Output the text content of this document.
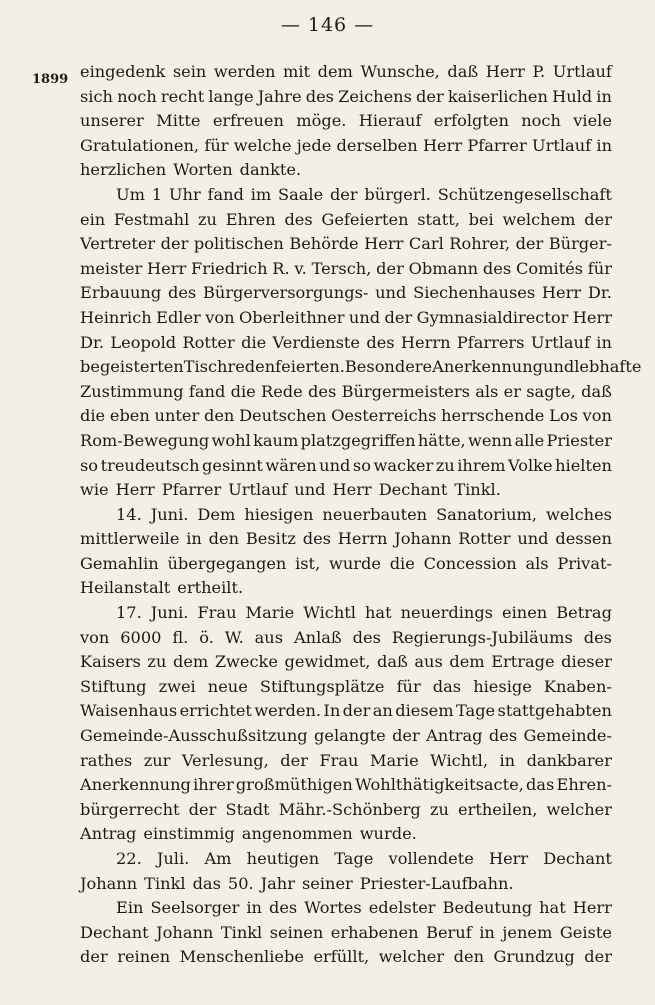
— 146 —
1899 eingedenk sein werden mit dem Wunsche, daß Herr P. Urtlauf
sich noch recht lange Jahre des Zeichens der kaiserlichen Huld in
unserer Mitte erfreuen möge. Hierauf erfolgten noch viele
Gratulationen, für welche jede derselben Herr Pfarrer Urtlauf in
herzlichen Worten dankte.
Um 1 Uhr fand im Saale der bürgerl. Schützengesellschaft
ein Festmahl zu Ehren des Gefeierten statt, bei welchem der
Vertreter der politischen Behörde Herr Carl Rohrer, der Bürger-
meister Herr Friedrich R. v. Tersch, der Obmann des Comités für
Erbauung des Bürgerversorgungs- und Siechenhauses Herr Dr.
Heinrich Edler von Oberleithner und der Gymnasialdirector Herr
Dr. Leopold Rotter die Verdienste des Herrn Pfarrers Urtlauf in
begeisterten Tischreden feierten. Besondere Anerkennung und lebhafte
Zustimmung fand die Rede des Bürgermeisters als er sagte, daß
die eben unter den Deutschen Oesterreichs herrschende Los von
Rom-Bewegung wohl kaum platzgegriffen hätte, wenn alle Priester
so treudeutsch gesinnt wären und so wacker zu ihrem Volke hielten
wie Herr Pfarrer Urtlauf und Herr Dechant Tinkl.
14. Juni. Dem hiesigen neuerbauten Sanatorium, welches
mittlerweile in den Besitz des Herrn Johann Rotter und dessen
Gemahlin übergegangen ist, wurde die Concession als Privat-
Heilanstalt ertheilt.
17. Juni. Frau Marie Wichtl hat neuerdings einen Betrag
von 6000 fl. ö. W. aus Anlaß des Regierungs-Jubiläums des
Kaisers zu dem Zwecke gewidmet, daß aus dem Ertrage dieser
Stiftung zwei neue Stiftungsplätze für das hiesige Knaben-
Waisenhaus errichtet werden. In der an diesem Tage stattgehabten
Gemeinde-Ausschußsitzung gelangte der Antrag des Gemeinde-
rathes zur Verlesung, der Frau Marie Wichtl, in dankbarer
Anerkennung ihrer großmüthigen Wohlthätigkeitsacte, das Ehren-
bürgerrecht der Stadt Mähr.-Schönberg zu ertheilen, welcher
Antrag einstimmig angenommen wurde.
22. Juli. Am heutigen Tage vollendete Herr Dechant
Johann Tinkl das 50. Jahr seiner Priester-Laufbahn.
Ein Seelsorger in des Wortes edelster Bedeutung hat Herr
Dechant Johann Tinkl seinen erhabenen Beruf in jenem Geiste
der reinen Menschenliebe erfüllt, welcher den Grundzug der
